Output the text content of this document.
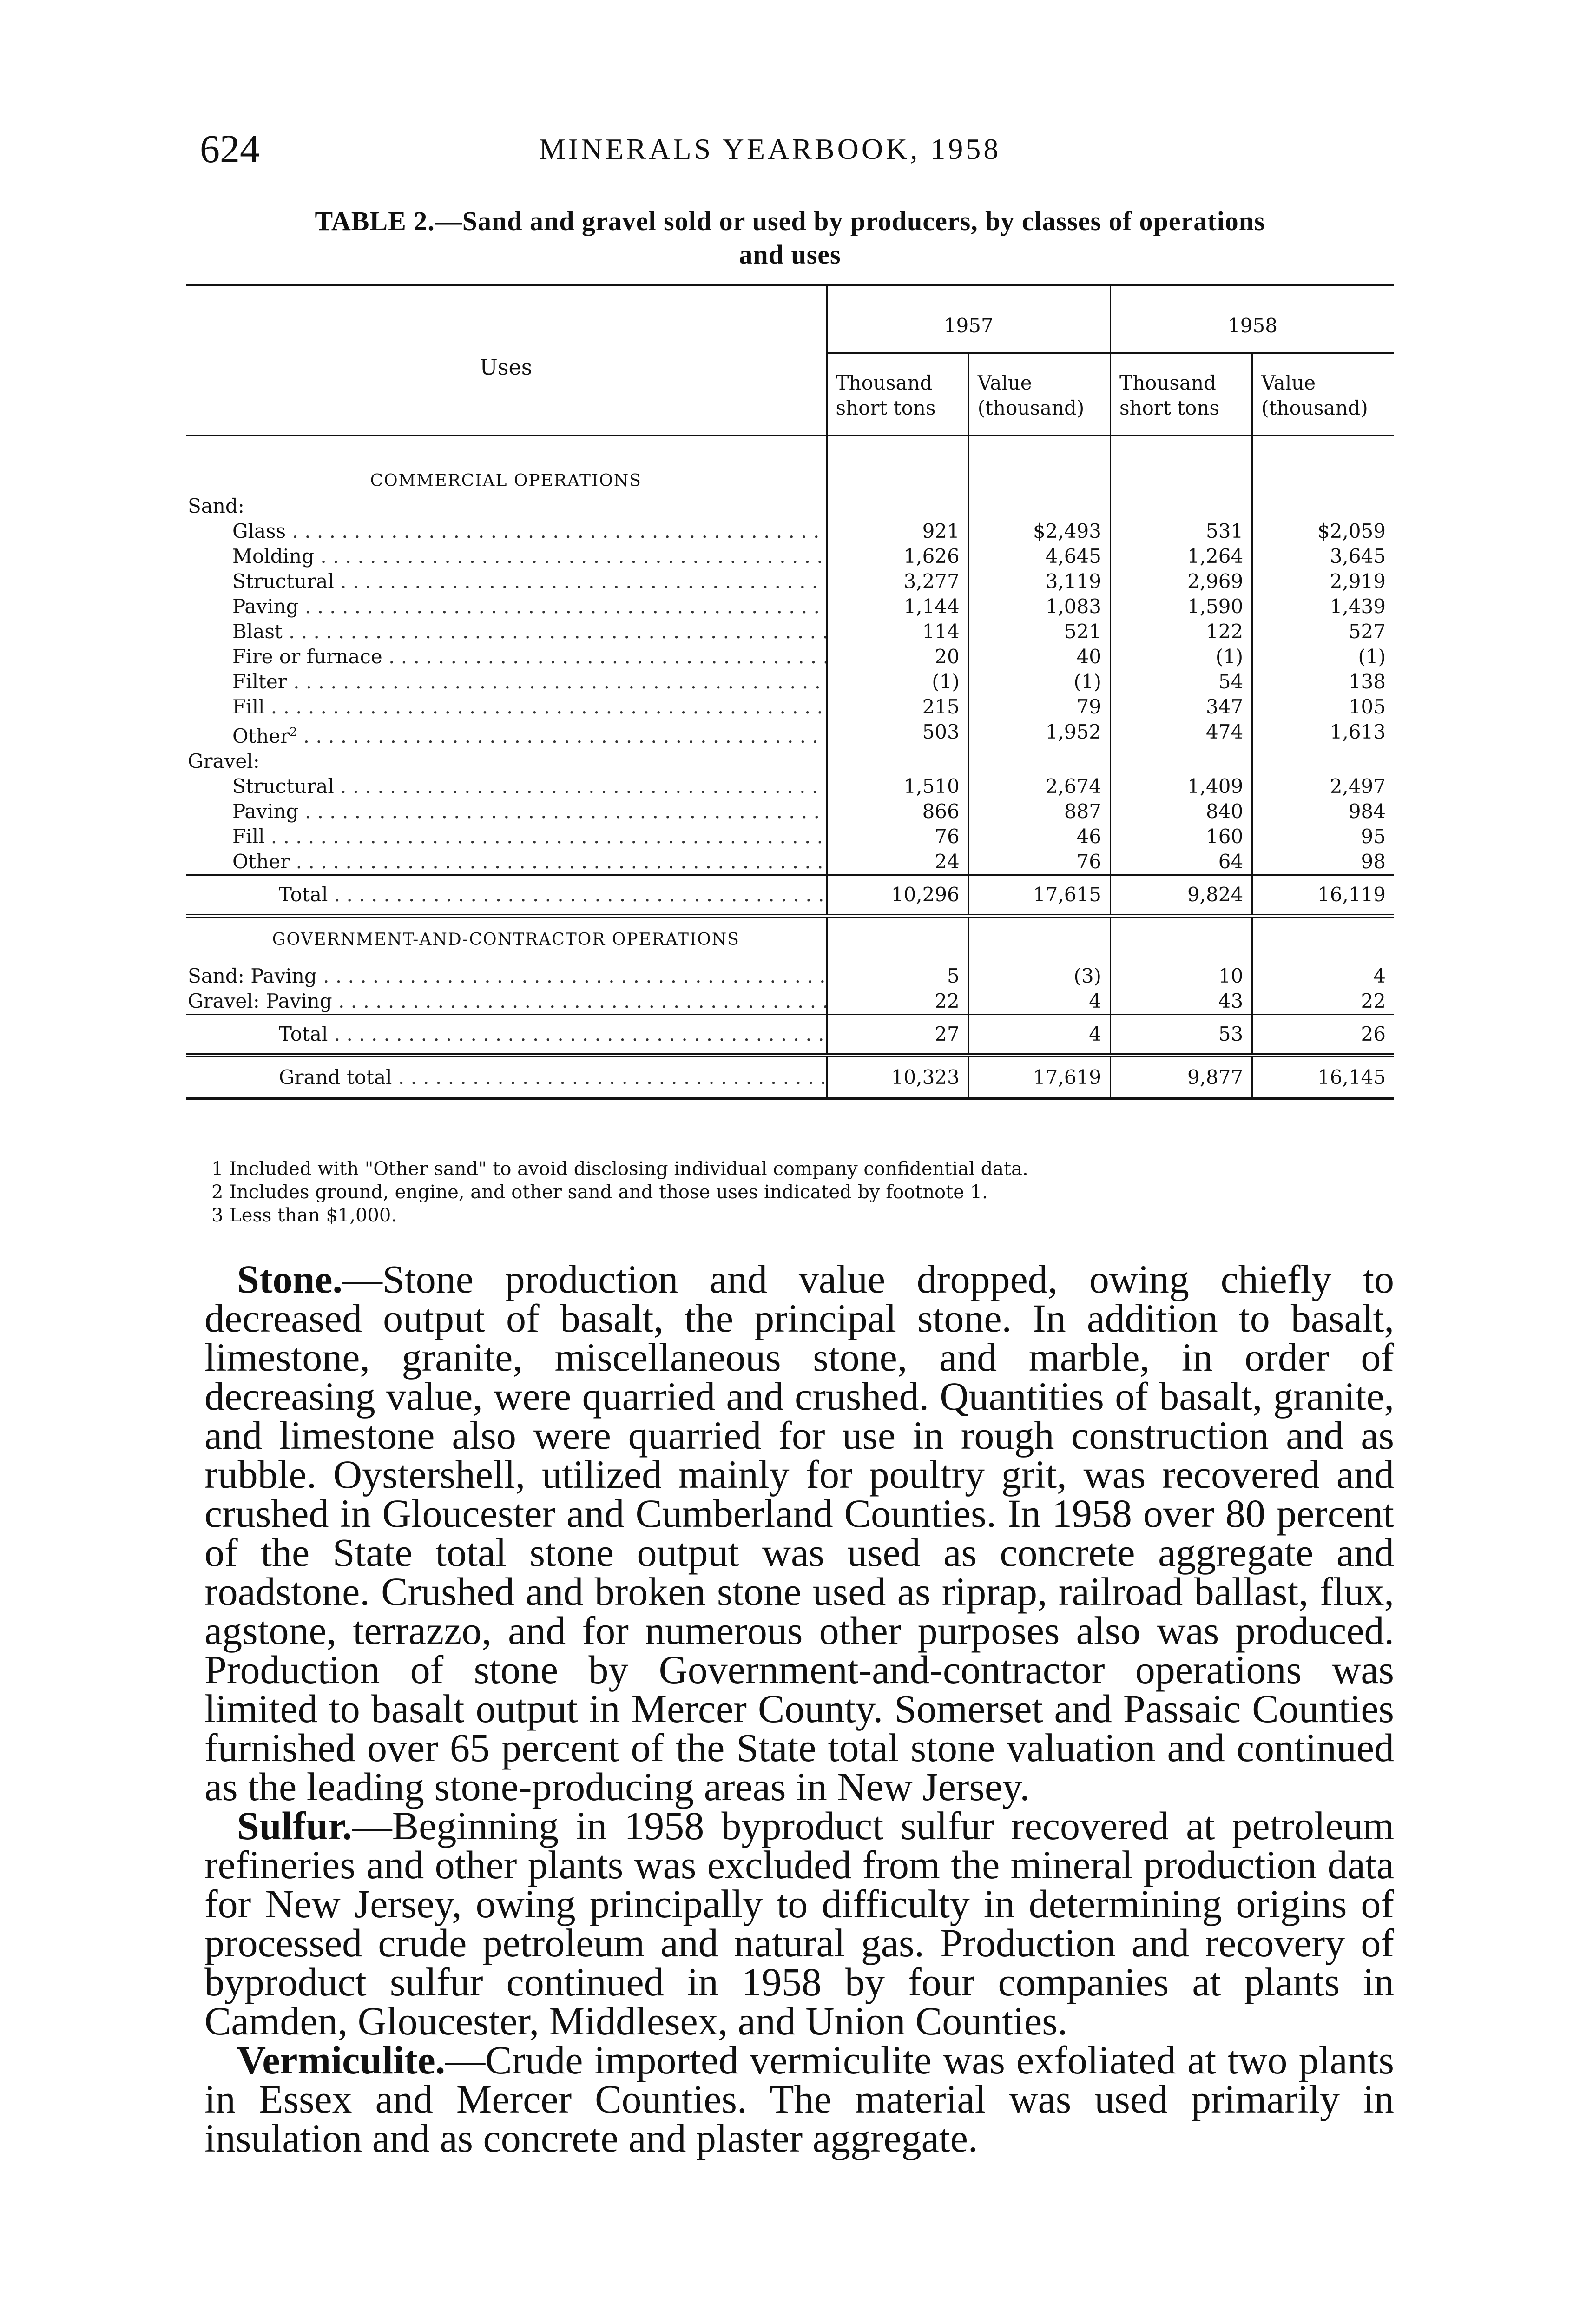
624	MINERALS YEARBOOK, 1958
TABLE 2.—Sand and gravel sold or used by producers, by classes of operations
and uses
Uses	1957		1958	
	Thousand short tons	Value (thousand)	Thousand short tons	Value (thousand)
COMMERCIAL OPERATIONS				
Sand:				
Glass . . .	921	$2,493	531	$2,059
Molding . . .	1,626	4,645	1,264	3,645
Structural . . .	3,277	3,119	2,969	2,919
Paving . . .	1,144	1,083	1,590	1,439
Blast . . .	114	521	122	527
Fire or furnace . . .	20	40	(1)	(1)
Filter . . .	(1)	(1)	54	138
Fill . . .	215	79	347	105
Other$^2$ . . .	503	1,952	474	1,613
Gravel:				
Structural . . .	1,510	2,674	1,409	2,497
Paving . . .	866	887	840	984
Fill . . .	76	46	160	95
Other . . .	24	76	64	98
Total . . .	10,296	17,615	9,824	16,119
GOVERNMENT-AND-CONTRACTOR OPERATIONS				
Sand: Paving . . .	5	(3)	10	4
Gravel: Paving . . .	22	4	43	22
Total . . .	27	4	53	26
Grand total . . .	10,323	17,619	9,877	16,145
1 Included with "Other sand" to avoid disclosing individual company confidential data.
2 Includes ground, engine, and other sand and those uses indicated by footnote 1.
3 Less than $1,000.

Stone.—Stone production and value dropped, owing chiefly to decreased output of basalt, the principal stone. In addition to basalt, limestone, granite, miscellaneous stone, and marble, in order of decreasing value, were quarried and crushed. Quantities of basalt, granite, and limestone also were quarried for use in rough construction and as rubble. Oystershell, utilized mainly for poultry grit, was recovered and crushed in Gloucester and Cumberland Counties. In 1958 over 80 percent of the State total stone output was used as concrete aggregate and roadstone. Crushed and broken stone used as riprap, railroad ballast, flux, agstone, terrazzo, and for numerous other purposes also was produced. Production of stone by Government-and-contractor operations was limited to basalt output in Mercer County. Somerset and Passaic Counties furnished over 65 percent of the State total stone valuation and continued as the leading stone-producing areas in New Jersey.

Sulfur.—Beginning in 1958 byproduct sulfur recovered at petroleum refineries and other plants was excluded from the mineral production data for New Jersey, owing principally to difficulty in determining origins of processed crude petroleum and natural gas. Production and recovery of byproduct sulfur continued in 1958 by four companies at plants in Camden, Gloucester, Middlesex, and Union Counties.

Vermiculite.—Crude imported vermiculite was exfoliated at two plants in Essex and Mercer Counties. The material was used primarily in insulation and as concrete and plaster aggregate.
